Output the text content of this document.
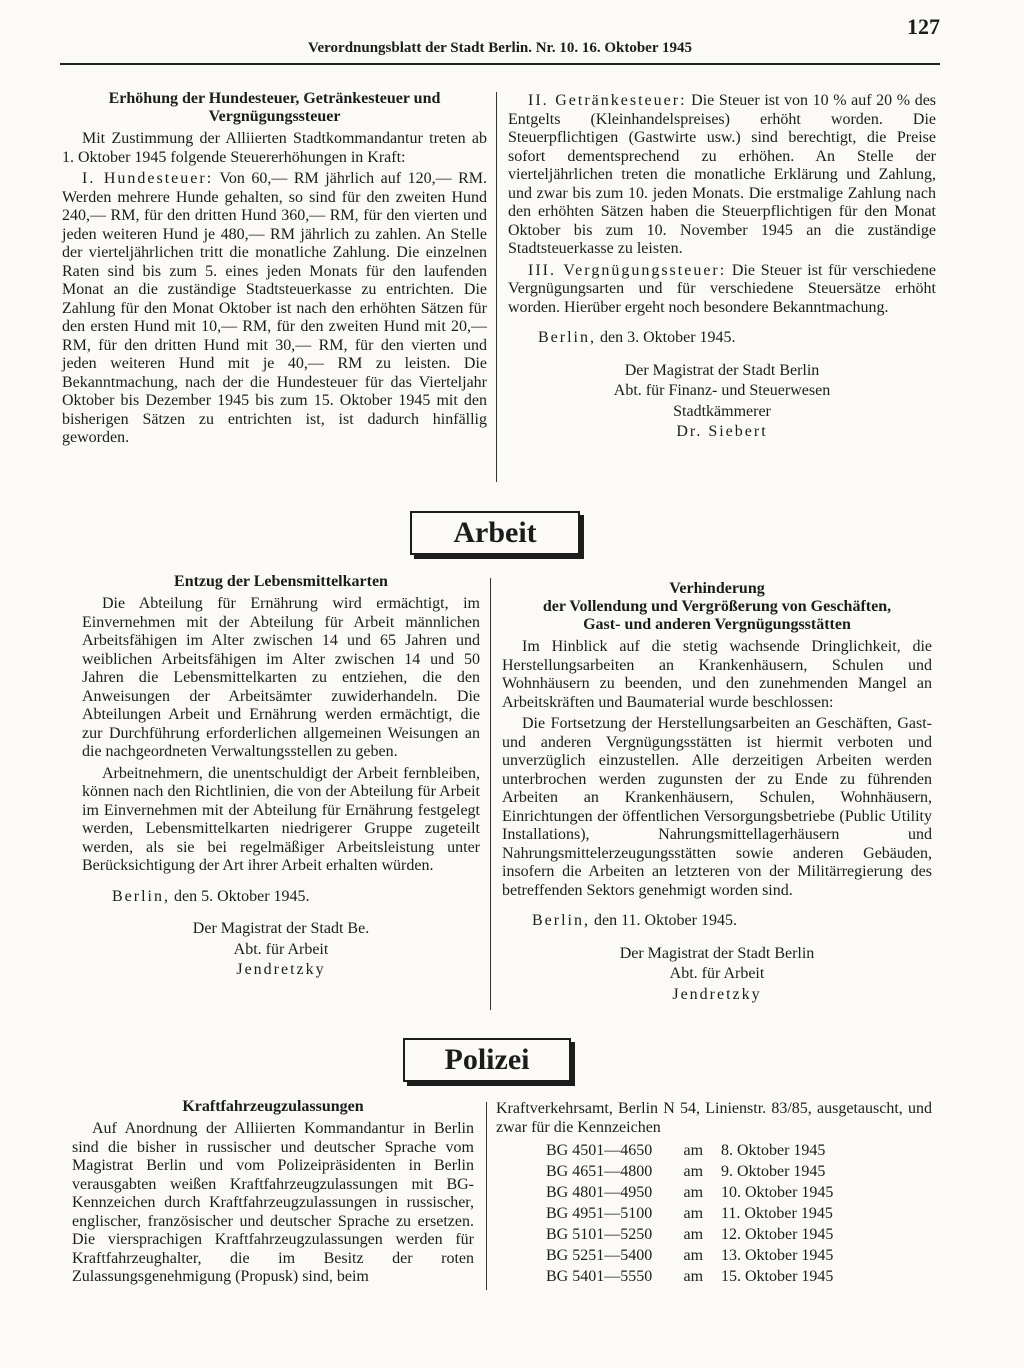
127
Verordnungsblatt der Stadt Berlin. Nr. 10. 16. Oktober 1945
Erhöhung der Hundesteuer, Getränkesteuer und Vergnügungssteuer

Mit Zustimmung der Alliierten Stadtkommandantur treten ab 1. Oktober 1945 folgende Steuererhöhungen in Kraft:

I. Hundesteuer: Von 60,— RM jährlich auf 120,— RM. Werden mehrere Hunde gehalten, so sind für den zweiten Hund 240,— RM, für den dritten Hund 360,— RM, für den vierten und jeden weiteren Hund je 480,— RM jährlich zu zahlen. An Stelle der vierteljährlichen tritt die monatliche Zahlung. Die einzelnen Raten sind bis zum 5. eines jeden Monats für den laufenden Monat an die zuständige Stadtsteuerkasse zu entrichten. Die Zahlung für den Monat Oktober ist nach den erhöhten Sätzen für den ersten Hund mit 10,— RM, für den zweiten Hund mit 20,— RM, für den dritten Hund mit 30,— RM, für den vierten und jeden weiteren Hund mit je 40,— RM zu leisten. Die Bekanntmachung, nach der die Hundesteuer für das Vierteljahr Oktober bis Dezember 1945 bis zum 15. Oktober 1945 mit den bisherigen Sätzen zu entrichten ist, ist dadurch hinfällig geworden.

II. Getränkesteuer: Die Steuer ist von 10 % auf 20 % des Entgelts (Kleinhandelspreises) erhöht worden. Die Steuerpflichtigen (Gastwirte usw.) sind berechtigt, die Preise sofort dementsprechend zu erhöhen. An Stelle der vierteljährlichen treten die monatliche Erklärung und Zahlung, und zwar bis zum 10. jeden Monats. Die erstmalige Zahlung nach den erhöhten Sätzen haben die Steuerpflichtigen für den Monat Oktober bis zum 10. November 1945 an die zuständige Stadtsteuerkasse zu leisten.

III. Vergnügungssteuer: Die Steuer ist für verschiedene Vergnügungsarten und für verschiedene Steuersätze erhöht worden. Hierüber ergeht noch besondere Bekanntmachung.

Berlin, den 3. Oktober 1945.

Der Magistrat der Stadt Berlin

Abt. für Finanz- und Steuerwesen

Stadtkämmerer

Dr. Siebert

Arbeit
Entzug der Lebensmittelkarten

Die Abteilung für Ernährung wird ermächtigt, im Einvernehmen mit der Abteilung für Arbeit männlichen Arbeitsfähigen im Alter zwischen 14 und 65 Jahren und weiblichen Arbeitsfähigen im Alter zwischen 14 und 50 Jahren die Lebensmittelkarten zu entziehen, die den Anweisungen der Arbeitsämter zuwiderhandeln. Die Abteilungen Arbeit und Ernährung werden ermächtigt, die zur Durchführung erforderlichen allgemeinen Weisungen an die nachgeordneten Verwaltungsstellen zu geben.

Arbeitnehmern, die unentschuldigt der Arbeit fernbleiben, können nach den Richtlinien, die von der Abteilung für Arbeit im Einvernehmen mit der Abteilung für Ernährung festgelegt werden, Lebensmittelkarten niedrigerer Gruppe zugeteilt werden, als sie bei regelmäßiger Arbeitsleistung unter Berücksichtigung der Art ihrer Arbeit erhalten würden.

Berlin, den 5. Oktober 1945.

Der Magistrat der Stadt Be.

Abt. für Arbeit

Jendretzky

Verhinderung
der Vollendung und Vergrößerung von Geschäften,
Gast- und anderen Vergnügungsstätten

Im Hinblick auf die stetig wachsende Dringlichkeit, die Herstellungsarbeiten an Krankenhäusern, Schulen und Wohnhäusern zu beenden, und den zunehmenden Mangel an Arbeitskräften und Baumaterial wurde beschlossen:

Die Fortsetzung der Herstellungsarbeiten an Geschäften, Gast- und anderen Vergnügungsstätten ist hiermit verboten und unverzüglich einzustellen. Alle derzeitigen Arbeiten werden unterbrochen werden zugunsten der zu Ende zu führenden Arbeiten an Krankenhäusern, Schulen, Wohnhäusern, Einrichtungen der öffentlichen Versorgungsbetriebe (Public Utility Installations), Nahrungsmittellagerhäusern und Nahrungsmittelerzeugungsstätten sowie anderen Gebäuden, insofern die Arbeiten an letzteren von der Militärregierung des betreffenden Sektors genehmigt worden sind.

Berlin, den 11. Oktober 1945.

Der Magistrat der Stadt Berlin

Abt. für Arbeit

Jendretzky

Polizei
Kraftfahrzeugzulassungen

Auf Anordnung der Alliierten Kommandantur in Berlin sind die bisher in russischer und deutscher Sprache vom Magistrat Berlin und vom Polizeipräsidenten in Berlin verausgabten weißen Kraftfahrzeugzulassungen mit BG-Kennzeichen durch Kraftfahrzeugzulassungen in russischer, englischer, französischer und deutscher Sprache zu ersetzen. Die viersprachigen Kraftfahrzeugzulassungen werden für Kraftfahrzeughalter, die im Besitz der roten Zulassungsgenehmigung (Propusk) sind, beim

Kraftverkehrsamt, Berlin N 54, Linienstr. 83/85, ausgetauscht, und zwar für die Kennzeichen

BG 4501—4650	am	8. Oktober 1945
BG 4651—4800	am	9. Oktober 1945
BG 4801—4950	am	10. Oktober 1945
BG 4951—5100	am	11. Oktober 1945
BG 5101—5250	am	12. Oktober 1945
BG 5251—5400	am	13. Oktober 1945
BG 5401—5550	am	15. Oktober 1945
